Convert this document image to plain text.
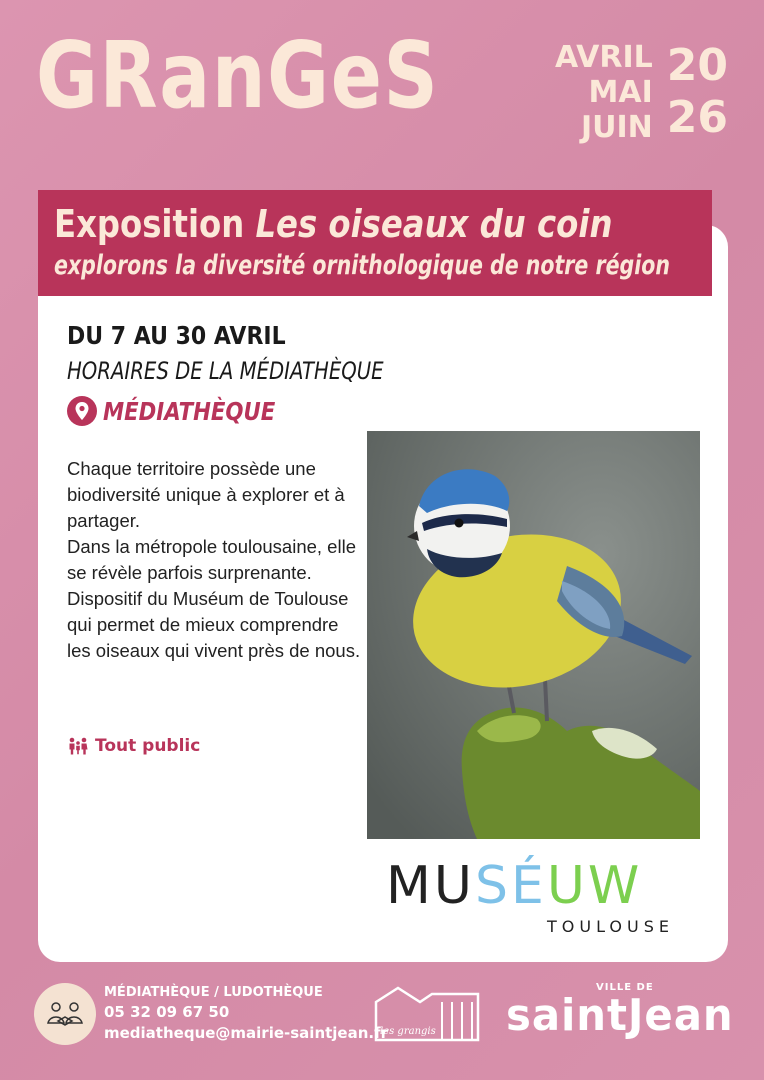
GRanGeS	AVRIL
MAI
JUIN
20
26
Exposition Les oiseaux du coin
explorons la diversité ornithologique de notre région
DU 7 AU 30 AVRIL
HORAIRES DE LA MÉDIATHÈQUE
MÉDIATHÈQUE

Chaque territoire possède une biodiversité unique à explorer et à partager.

Dans la métropole toulousaine, elle se révèle parfois surprenante. Dispositif du Muséum de Toulouse qui permet de mieux comprendre les oiseaux qui vivent près de nous.

Tout public
MUSÉUW
TOULOUSE
MÉDIATHÈQUE / LUDOTHÈQUE
05 32 09 67 50
mediatheque@mairie-saintjean.fr
les grangis
VILLE DE
saintJean
